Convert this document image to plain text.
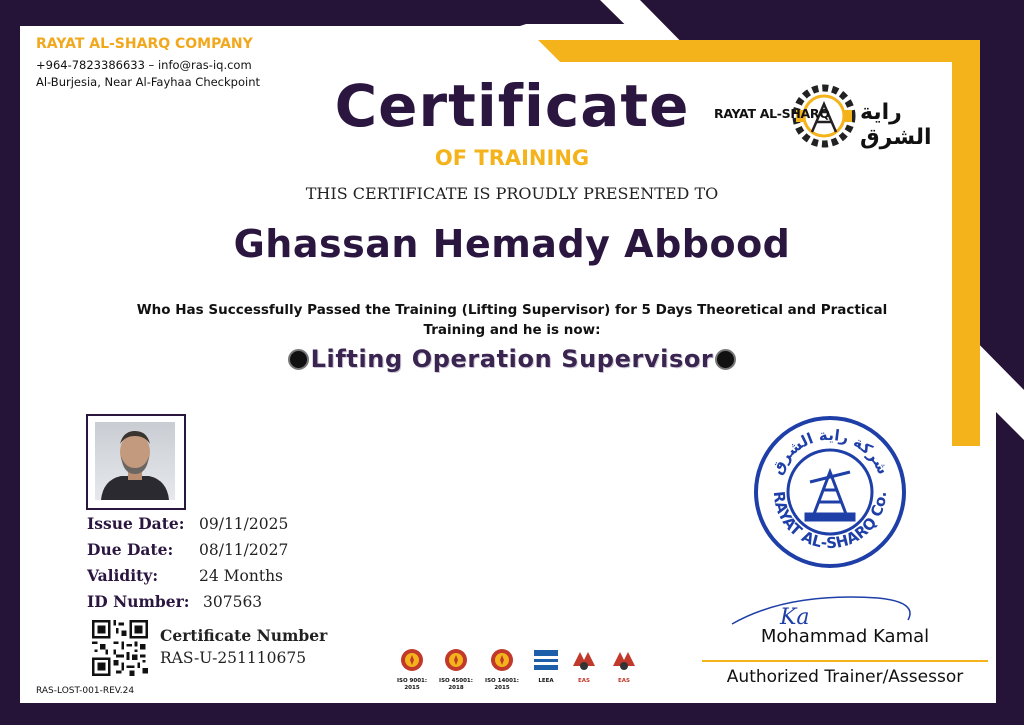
RAYAT AL-SHARQ COMPANY
+964-7823386633 – info@ras-iq.com
Al-Burjesia, Near Al-Fayhaa Checkpoint
RAYAT AL-SHARQ راية الشرق
Certificate
OF TRAINING
THIS CERTIFICATE IS PROUDLY PRESENTED TO
Ghassan Hemady Abbood
Who Has Successfully Passed the Training (Lifting Supervisor) for 5 Days Theoretical and Practical
Training and he is now:
Lifting Operation Supervisor
Issue Date: 09/11/2025
Due Date: 08/11/2027
Validity:	24 Months
ID Number: 307563
Certificate Number
RAS-U-251110675
RAS-LOST-001-REV.24
ISO 9001:
2015
ISO 45001:
2018
ISO 14001:
2015
LEEA	EAS	EAS
شركة راية الشرق
RAYAT AL-SHARQ Co.
Ka
Mohammad Kamal
Authorized Trainer/Assessor
